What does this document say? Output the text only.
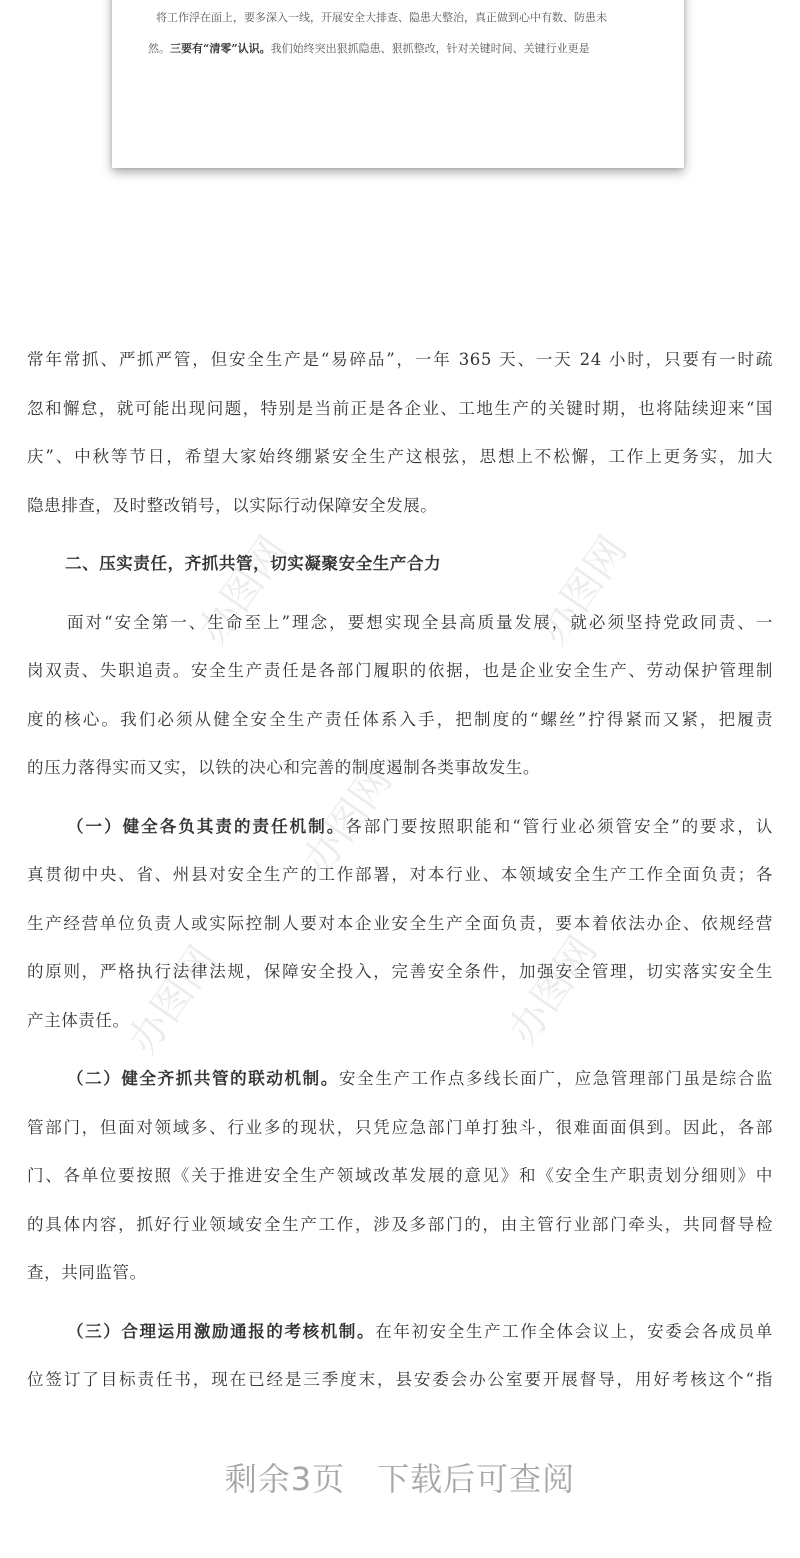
将工作浮在面上，要多深入一线，开展安全大排查、隐患大整治，真正做到心中有数、防患未
然。三要有“清零”认识。我们始终突出狠抓隐患、狠抓整改，针对关键时间、关键行业更是
办图网	办图网
办图网
办图网	办图网
常年常抓、严抓严管，但安全生产是“易碎品”，一年 365 天、一天 24 小时，只要有一时疏
忽和懈怠，就可能出现问题，特别是当前正是各企业、工地生产的关键时期，也将陆续迎来“国
庆”、中秋等节日，希望大家始终绷紧安全生产这根弦，思想上不松懈，工作上更务实，加大
隐患排查，及时整改销号，以实际行动保障安全发展。
二、压实责任，齐抓共管，切实凝聚安全生产合力
面对“安全第一、生命至上”理念，要想实现全县高质量发展，就必须坚持党政同责、一
岗双责、失职追责。安全生产责任是各部门履职的依据，也是企业安全生产、劳动保护管理制
度的核心。我们必须从健全安全生产责任体系入手，把制度的“螺丝”拧得紧而又紧，把履责
的压力落得实而又实，以铁的决心和完善的制度遏制各类事故发生。
（一）健全各负其责的责任机制。各部门要按照职能和“管行业必须管安全”的要求，认
真贯彻中央、省、州县对安全生产的工作部署，对本行业、本领域安全生产工作全面负责；各
生产经营单位负责人或实际控制人要对本企业安全生产全面负责，要本着依法办企、依规经营
的原则，严格执行法律法规，保障安全投入，完善安全条件，加强安全管理，切实落实安全生
产主体责任。
（二）健全齐抓共管的联动机制。安全生产工作点多线长面广，应急管理部门虽是综合监
管部门，但面对领域多、行业多的现状，只凭应急部门单打独斗，很难面面俱到。因此，各部
门、各单位要按照《关于推进安全生产领域改革发展的意见》和《安全生产职责划分细则》中
的具体内容，抓好行业领域安全生产工作，涉及多部门的，由主管行业部门牵头，共同督导检
查，共同监管。
（三）合理运用激励通报的考核机制。在年初安全生产工作全体会议上，安委会各成员单
位签订了目标责任书，现在已经是三季度末，县安委会办公室要开展督导，用好考核这个“指
剩余3页 下载后可查阅
